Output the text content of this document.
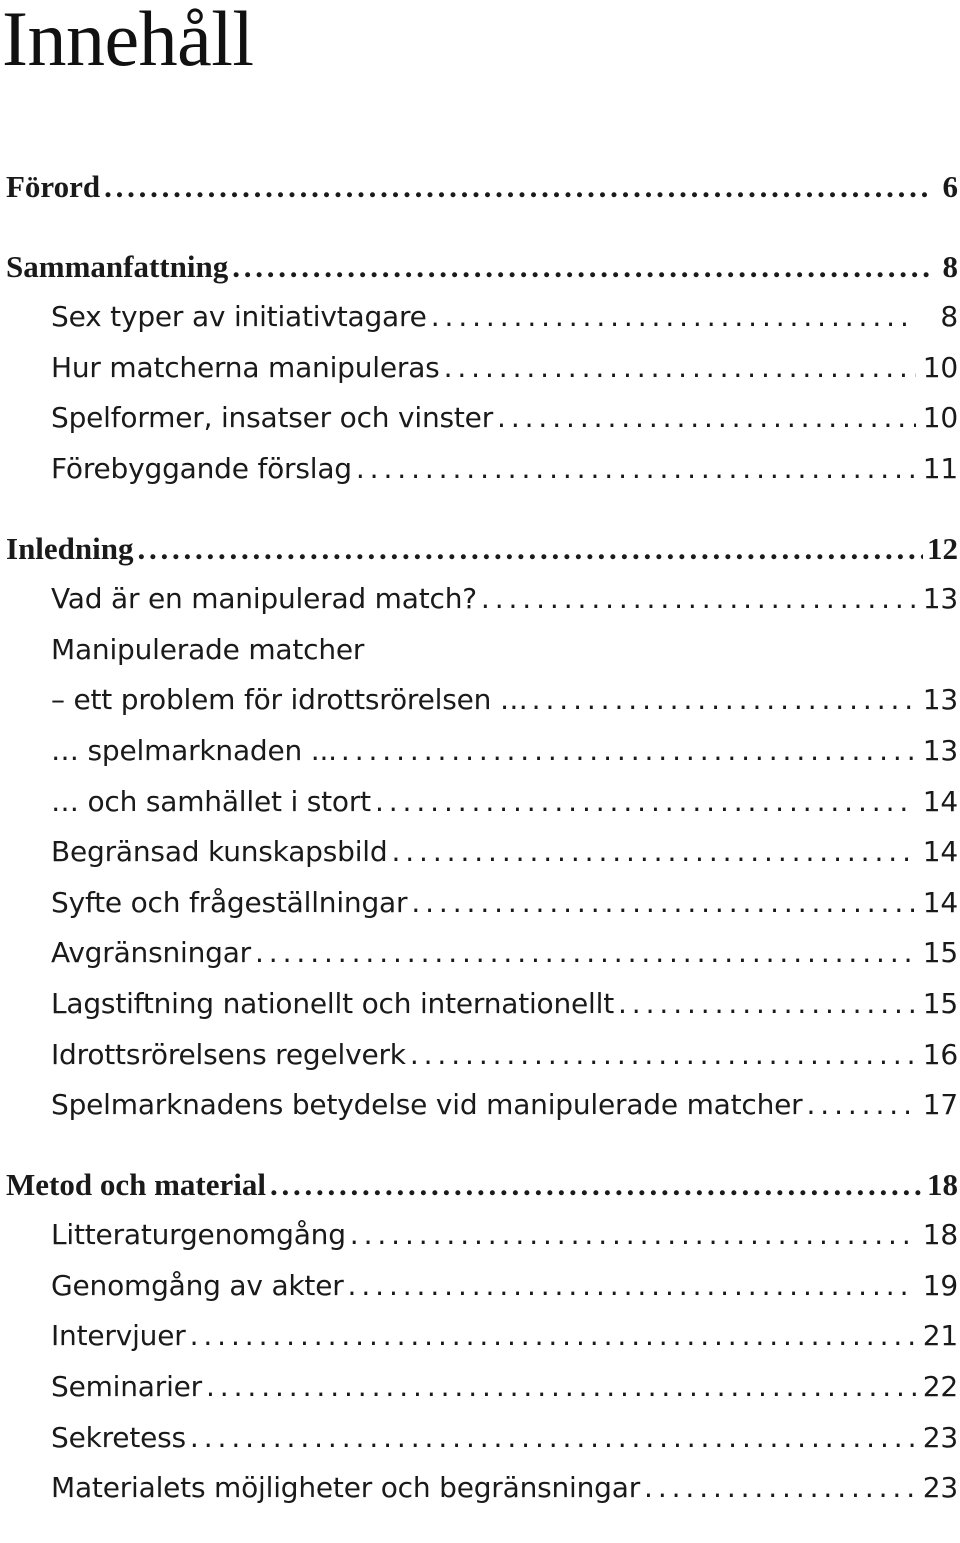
Innehåll
Förord . . .	6
Sammanfattning . . .	8
Sex typer av initiativtagare . . .	8
Hur matcherna manipuleras . . .	10
Spelformer, insatser och vinster . . .	10
Förebyggande förslag . . .	11
Inledning . . .	12
Vad är en manipulerad match? . . .	13
Manipulerade matcher
– ett problem för idrottsrörelsen … . . .	13
… spelmarknaden ... . . .	13
… och samhället i stort . . .	14
Begränsad kunskapsbild . . .	14
Syfte och frågeställningar . . .	14
Avgränsningar . . .	15
Lagstiftning nationellt och internationellt . . .	15
Idrottsrörelsens regelverk . . .	16
Spelmarknadens betydelse vid manipulerade matcher . . .	17
Metod och material . . .	18
Litteraturgenomgång . . .	18
Genomgång av akter . . .	19
Intervjuer . . .	21
Seminarier . . .	22
Sekretess . . .	23
Materialets möjligheter och begränsningar . . .	23
